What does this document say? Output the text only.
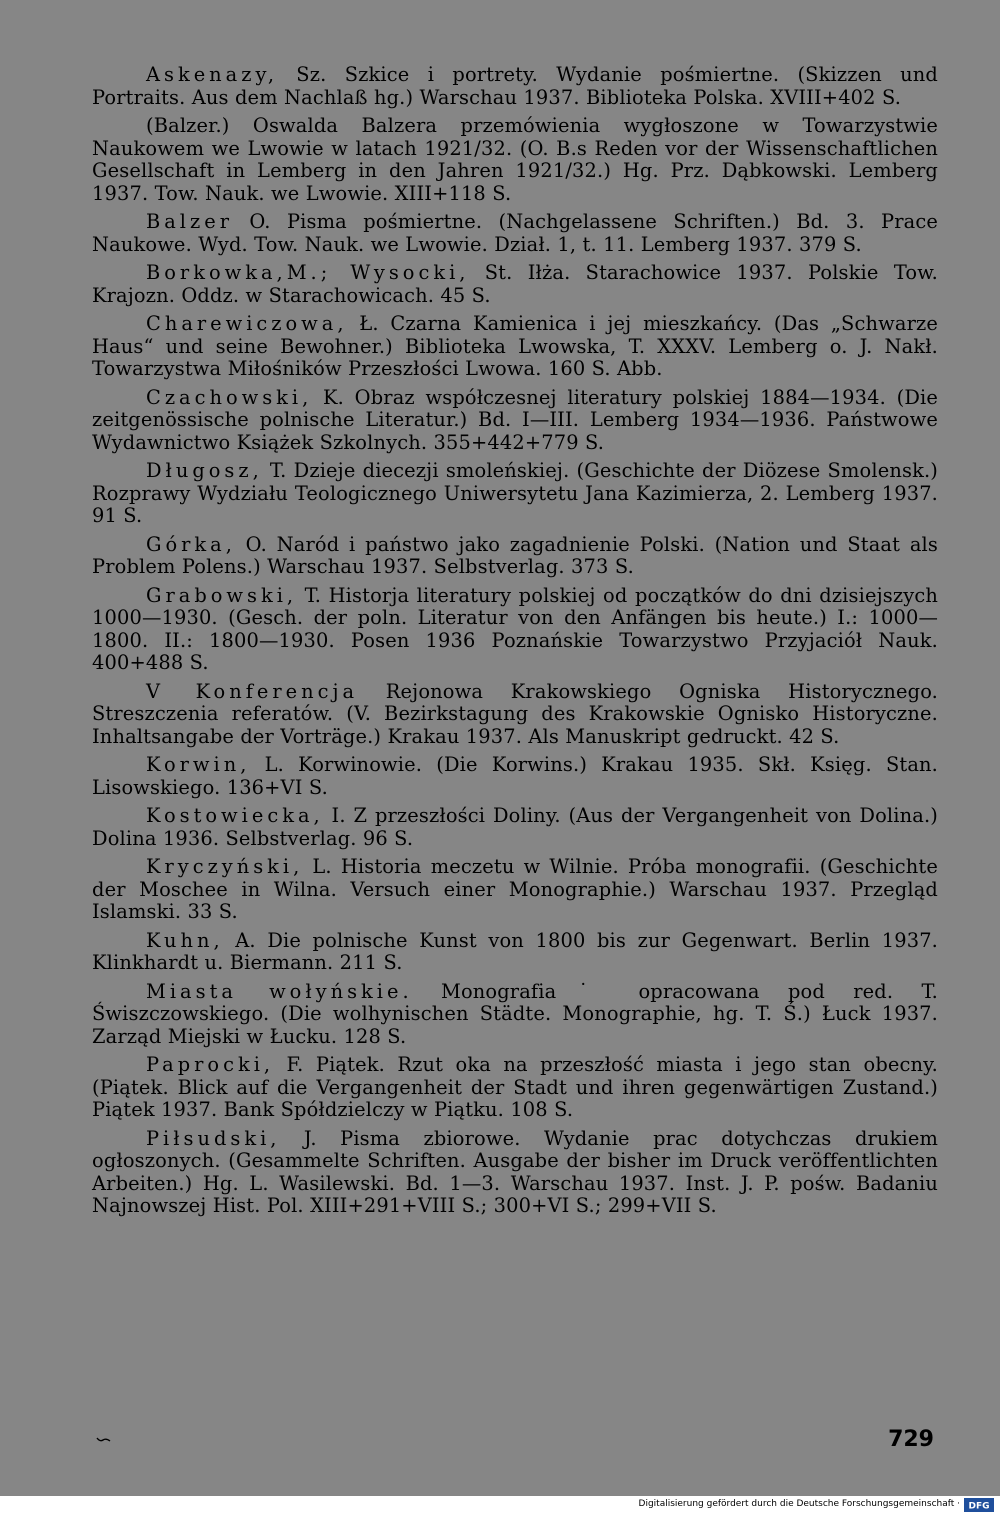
Askenazy, Sz. Szkice i portrety. Wydanie pośmiertne. (Skizzen und Portraits. Aus dem Nachlaß hg.) Warschau 1937. Biblioteka Polska. XVIII+402 S.

(Balzer.) Oswalda Balzera przemówienia wygłoszone w Towarzystwie Naukowem we Lwowie w latach 1921/32. (O. B.s Reden vor der Wissenschaftlichen Gesellschaft in Lemberg in den Jahren 1921/32.) Hg. Prz. Dąbkowski. Lemberg 1937. Tow. Nauk. we Lwowie. XIII+118 S.

Balzer O. Pisma pośmiertne. (Nachgelassene Schriften.) Bd. 3. Prace Naukowe. Wyd. Tow. Nauk. we Lwowie. Dział. 1, t. 11. Lemberg 1937. 379 S.

Borkowka,M.; Wysocki, St. Iłża. Starachowice 1937. Polskie Tow. Krajozn. Oddz. w Starachowicach. 45 S.

Charewiczowa, Ł. Czarna Kamienica i jej mieszkańcy. (Das „Schwarze Haus“ und seine Bewohner.) Biblioteka Lwowska, T. XXXV. Lemberg o. J. Nakł. Towarzystwa Miłośników Przeszłości Lwowa. 160 S. Abb.

Czachowski, K. Obraz współczesnej literatury polskiej 1884—1934. (Die zeitgenössische polnische Literatur.) Bd. I—III. Lemberg 1934—1936. Państwowe Wydawnictwo Książek Szkolnych. 355+442+779 S.

Długosz, T. Dzieje diecezji smoleńskiej. (Geschichte der Diözese Smolensk.) Rozprawy Wydziału Teologicznego Uniwersytetu Jana Kazimierza, 2. Lemberg 1937. 91 S.

Górka, O. Naród i państwo jako zagadnienie Polski. (Nation und Staat als Problem Polens.) Warschau 1937. Selbstverlag. 373 S.

Grabowski, T. Historja literatury polskiej od początków do dni dzisiejszych 1000—1930. (Gesch. der poln. Literatur von den Anfängen bis heute.) I.: 1000—1800. II.: 1800—1930. Posen 1936 Poznańskie Towarzystwo Przyjaciół Nauk. 400+488 S.

V Konferencja Rejonowa Krakowskiego Ogniska Historycznego. Streszczenia referatów. (V. Bezirkstagung des Krakowskie Ognisko Historyczne. Inhaltsangabe der Vorträge.) Krakau 1937. Als Manuskript gedruckt. 42 S.

Korwin, L. Korwinowie. (Die Korwins.) Krakau 1935. Skł. Księg. Stan. Lisowskiego. 136+VI S.

Kostowiecka, I. Z przeszłości Doliny. (Aus der Vergangenheit von Dolina.) Dolina 1936. Selbstverlag. 96 S.

Kryczyński, L. Historia meczetu w Wilnie. Próba monografii. (Geschichte der Moschee in Wilna. Versuch einer Monographie.) Warschau 1937. Przegląd Islamski. 33 S.

Kuhn, A. Die polnische Kunst von 1800 bis zur Gegenwart. Berlin 1937. Klinkhardt u. Biermann. 211 S.

Miasta wołyńskie. Monografia˙ opracowana pod red. T. Świszczowskiego. (Die wolhynischen Städte. Monographie, hg. T. Ś.) Łuck 1937. Zarząd Miejski w Łucku. 128 S.

Paprocki, F. Piątek. Rzut oka na przeszłość miasta i jego stan obecny. (Piątek. Blick auf die Vergangenheit der Stadt und ihren gegenwärtigen Zustand.) Piątek 1937. Bank Spółdzielczy w Piątku. 108 S.

Piłsudski, J. Pisma zbiorowe. Wydanie prac dotychczas drukiem ogłoszonych. (Gesammelte Schriften. Ausgabe der bisher im Druck veröffentlichten Arbeiten.) Hg. L. Wasilewski. Bd. 1—3. Warschau 1937. Inst. J. P. pośw. Badaniu Najnowszej Hist. Pol. XIII+291+VIII S.; 300+VI S.; 299+VII S.

729
Digitalisierung gefördert durch die Deutsche Forschungsgemeinschaft · DFG
